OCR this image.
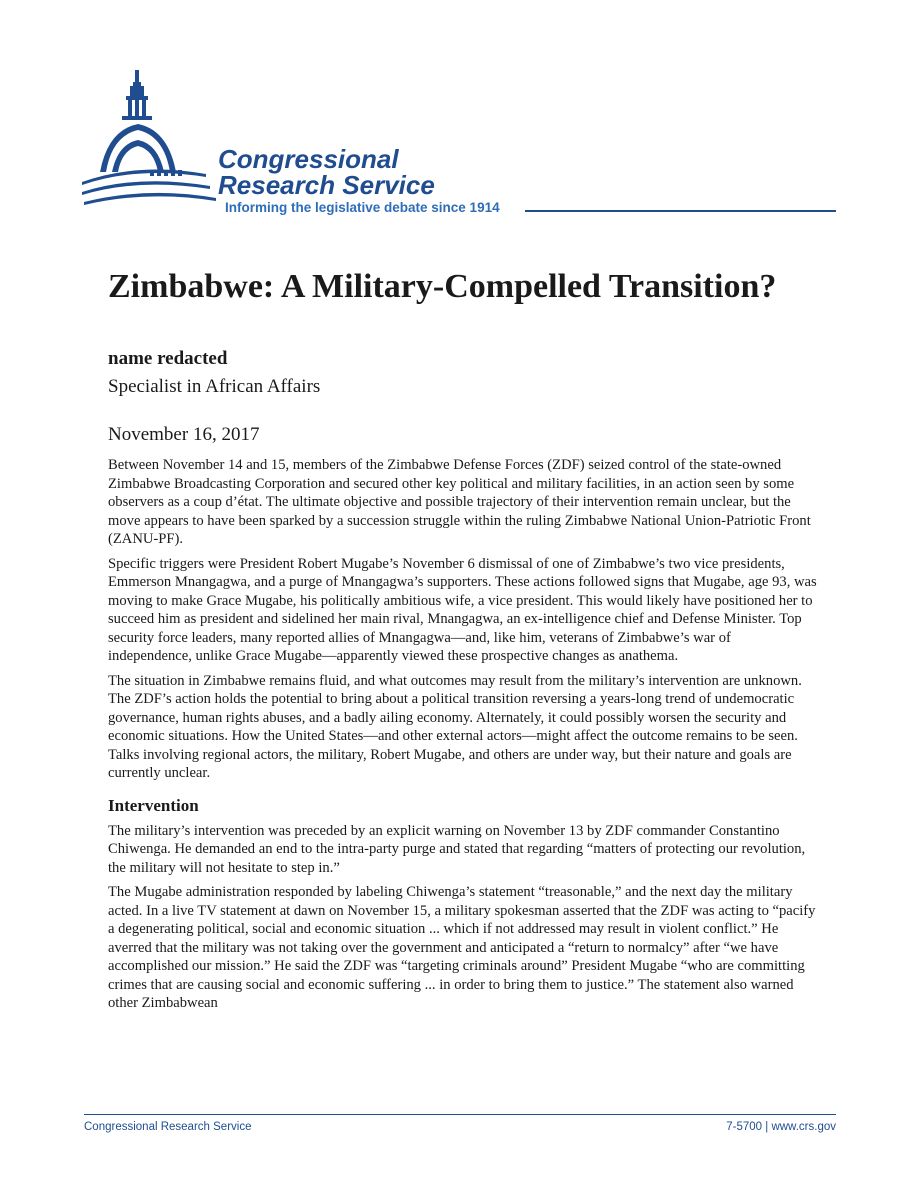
Congressional
Research Service
Informing the legislative debate since 1914
Zimbabwe: A Military-Compelled Transition?
name redacted
Specialist in African Affairs
November 16, 2017

Between November 14 and 15, members of the Zimbabwe Defense Forces (ZDF) seized control of the state-owned Zimbabwe Broadcasting Corporation and secured other key political and military facilities, in an action seen by some observers as a coup d’état. The ultimate objective and possible trajectory of their intervention remain unclear, but the move appears to have been sparked by a succession struggle within the ruling Zimbabwe National Union-Patriotic Front (ZANU-PF).

Specific triggers were President Robert Mugabe’s November 6 dismissal of one of Zimbabwe’s two vice presidents, Emmerson Mnangagwa, and a purge of Mnangagwa’s supporters. These actions followed signs that Mugabe, age 93, was moving to make Grace Mugabe, his politically ambitious wife, a vice president. This would likely have positioned her to succeed him as president and sidelined her main rival, Mnangagwa, an ex-intelligence chief and Defense Minister. Top security force leaders, many reported allies of Mnangagwa—and, like him, veterans of Zimbabwe’s war of independence, unlike Grace Mugabe—apparently viewed these prospective changes as anathema.

The situation in Zimbabwe remains fluid, and what outcomes may result from the military’s intervention are unknown. The ZDF’s action holds the potential to bring about a political transition reversing a years-long trend of undemocratic governance, human rights abuses, and a badly ailing economy. Alternately, it could possibly worsen the security and economic situations. How the United States—and other external actors—might affect the outcome remains to be seen. Talks involving regional actors, the military, Robert Mugabe, and others are under way, but their nature and goals are currently unclear.

Intervention

The military’s intervention was preceded by an explicit warning on November 13 by ZDF commander Constantino Chiwenga. He demanded an end to the intra-party purge and stated that regarding “matters of protecting our revolution, the military will not hesitate to step in.”

The Mugabe administration responded by labeling Chiwenga’s statement “treasonable,” and the next day the military acted. In a live TV statement at dawn on November 15, a military spokesman asserted that the ZDF was acting to “pacify a degenerating political, social and economic situation ... which if not addressed may result in violent conflict.” He averred that the military was not taking over the government and anticipated a “return to normalcy” after “we have accomplished our mission.” He said the ZDF was “targeting criminals around” President Mugabe “who are committing crimes that are causing social and economic suffering ... in order to bring them to justice.” The statement also warned other Zimbabwean

Congressional Research Service	7-5700 | www.crs.gov
